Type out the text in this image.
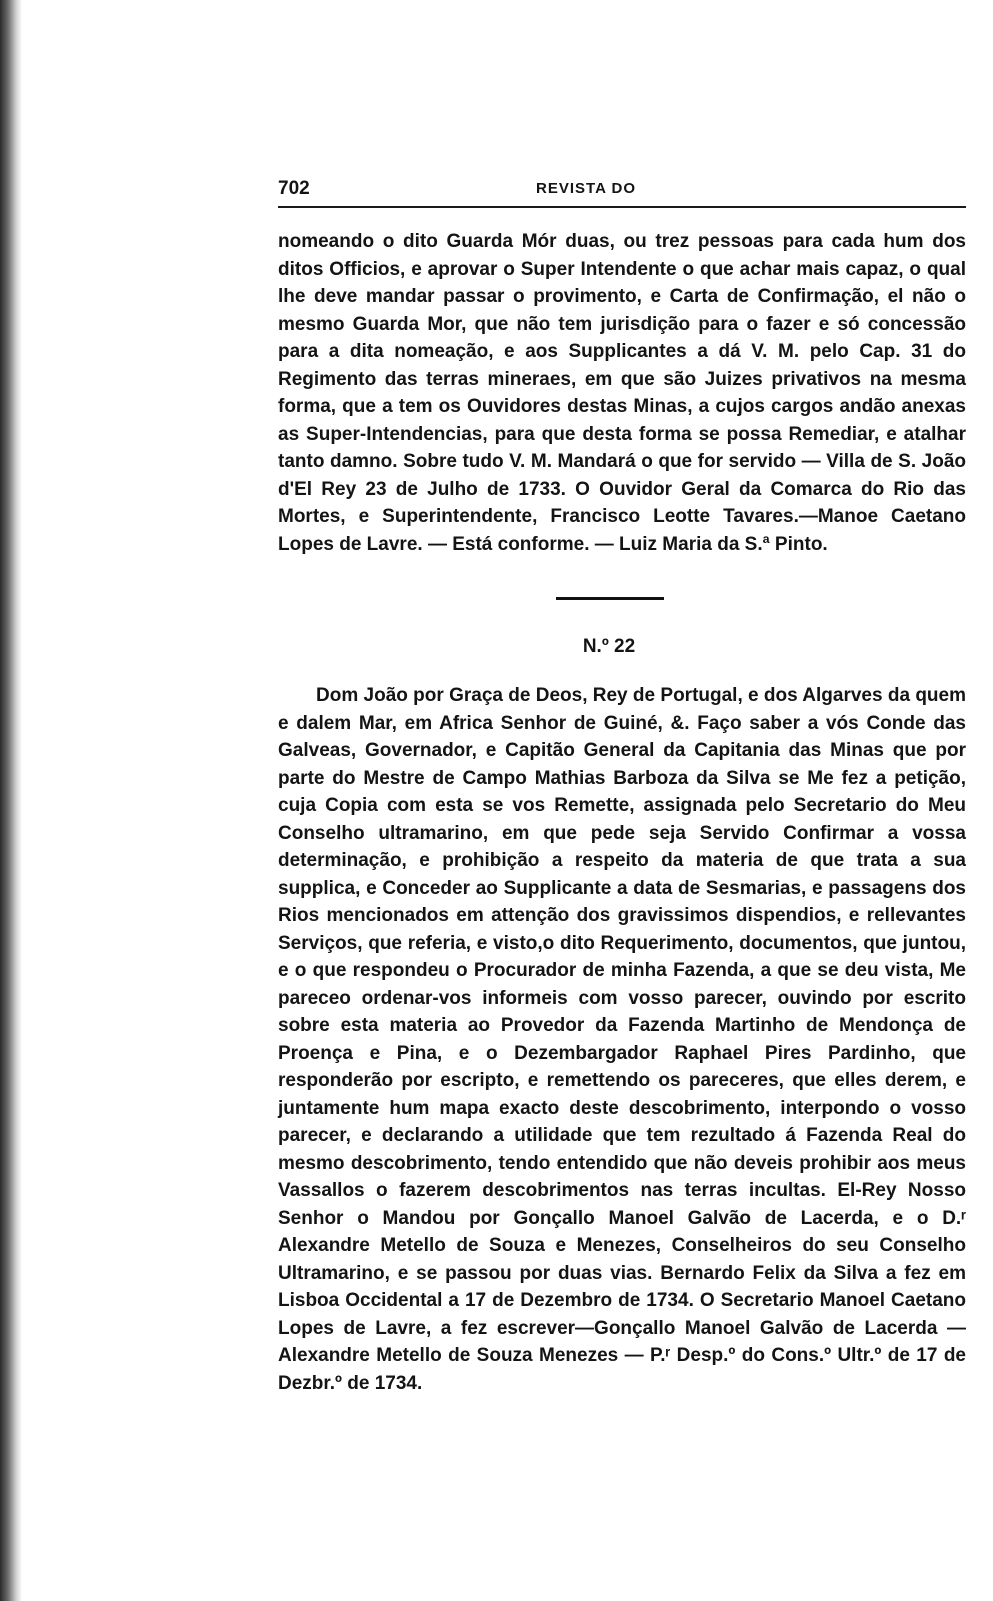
702	REVISTA DO

nomeando o dito Guarda Mór duas, ou trez pessoas para cada hum dos ditos Officios, e aprovar o Super Intendente o que achar mais capaz, o qual lhe deve mandar passar o provimento, e Carta de Confirmação, el não o mesmo Guarda Mor, que não tem jurisdição para o fazer e só concessão para a dita nomeação, e aos Supplicantes a dá V. M. pelo Cap. 31 do Regimento das terras mineraes, em que são Juizes privativos na mesma forma, que a tem os Ouvidores destas Minas, a cujos cargos andão anexas as Super-Intendencias, para que desta forma se possa Remediar, e atalhar tanto damno. Sobre tudo V. M. Mandará o que for servido — Villa de S. João d'El Rey 23 de Julho de 1733. O Ouvidor Geral da Comarca do Rio das Mortes, e Superintendente, Francisco Leotte Tavares.—Manoe Caetano Lopes de Lavre. — Está conforme. — Luiz Maria da S.ª Pinto.

N.º 22

Dom João por Graça de Deos, Rey de Portugal, e dos Algarves da quem e dalem Mar, em Africa Senhor de Guiné, &. Faço saber a vós Conde das Galveas, Governador, e Capitão General da Capitania das Minas que por parte do Mestre de Campo Mathias Barboza da Silva se Me fez a petição, cuja Copia com esta se vos Remette, assignada pelo Secretario do Meu Conselho ultramarino, em que pede seja Servido Confirmar a vossa determinação, e prohibição a respeito da materia de que trata a sua supplica, e Conceder ao Supplicante a data de Sesmarias, e passagens dos Rios mencionados em attenção dos gravissimos dispendios, e rellevantes Serviços, que referia, e visto,o dito Requerimento, documentos, que juntou, e o que respondeu o Procurador de minha Fazenda, a que se deu vista, Me pareceo ordenar-vos informeis com vosso parecer, ouvindo por escrito sobre esta materia ao Provedor da Fazenda Martinho de Mendonça de Proença e Pina, e o Dezembargador Raphael Pires Pardinho, que responderão por escripto, e remettendo os pareceres, que elles derem, e juntamente hum mapa exacto deste descobrimento, interpondo o vosso parecer, e declarando a utilidade que tem rezultado á Fazenda Real do mesmo descobrimento, tendo entendido que não deveis prohibir aos meus Vassallos o fazerem descobrimentos nas terras incultas. El-Rey Nosso Senhor o Mandou por Gonçallo Manoel Galvão de Lacerda, e o D.ʳ Alexandre Metello de Souza e Menezes, Conselheiros do seu Conselho Ultramarino, e se passou por duas vias. Bernardo Felix da Silva a fez em Lisboa Occidental a 17 de Dezembro de 1734. O Secretario Manoel Caetano Lopes de Lavre, a fez escrever—Gonçallo Manoel Galvão de Lacerda — Alexandre Metello de Souza Menezes — P.ʳ Desp.º do Cons.º Ultr.º de 17 de Dezbr.º de 1734.
